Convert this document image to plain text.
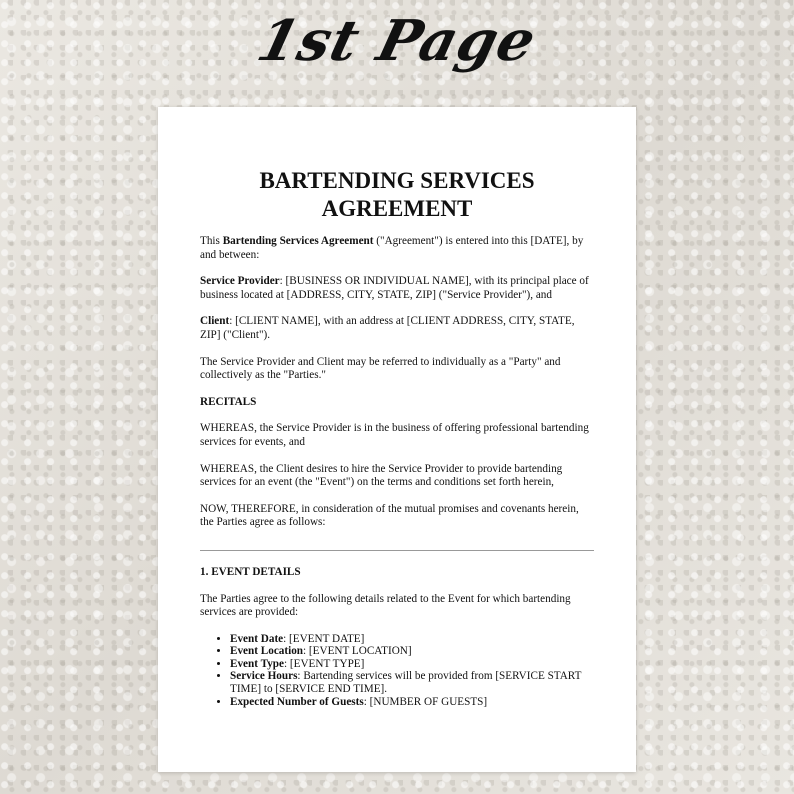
1st Page
BARTENDING SERVICES AGREEMENT

This Bartending Services Agreement ("Agreement") is entered into this [DATE], by and between:

Service Provider: [BUSINESS OR INDIVIDUAL NAME], with its principal place of business located at [ADDRESS, CITY, STATE, ZIP] ("Service Provider"), and

Client: [CLIENT NAME], with an address at [CLIENT ADDRESS, CITY, STATE, ZIP] ("Client").

The Service Provider and Client may be referred to individually as a "Party" and collectively as the "Parties."

RECITALS

WHEREAS, the Service Provider is in the business of offering professional bartending services for events, and

WHEREAS, the Client desires to hire the Service Provider to provide bartending services for an event (the "Event") on the terms and conditions set forth herein,

NOW, THEREFORE, in consideration of the mutual promises and covenants herein, the Parties agree as follows:

1. EVENT DETAILS

The Parties agree to the following details related to the Event for which bartending services are provided:

• Event Date: [EVENT DATE]
• Event Location: [EVENT LOCATION]
• Event Type: [EVENT TYPE]
• Service Hours: Bartending services will be provided from [SERVICE START TIME] to [SERVICE END TIME].
• Expected Number of Guests: [NUMBER OF GUESTS]
